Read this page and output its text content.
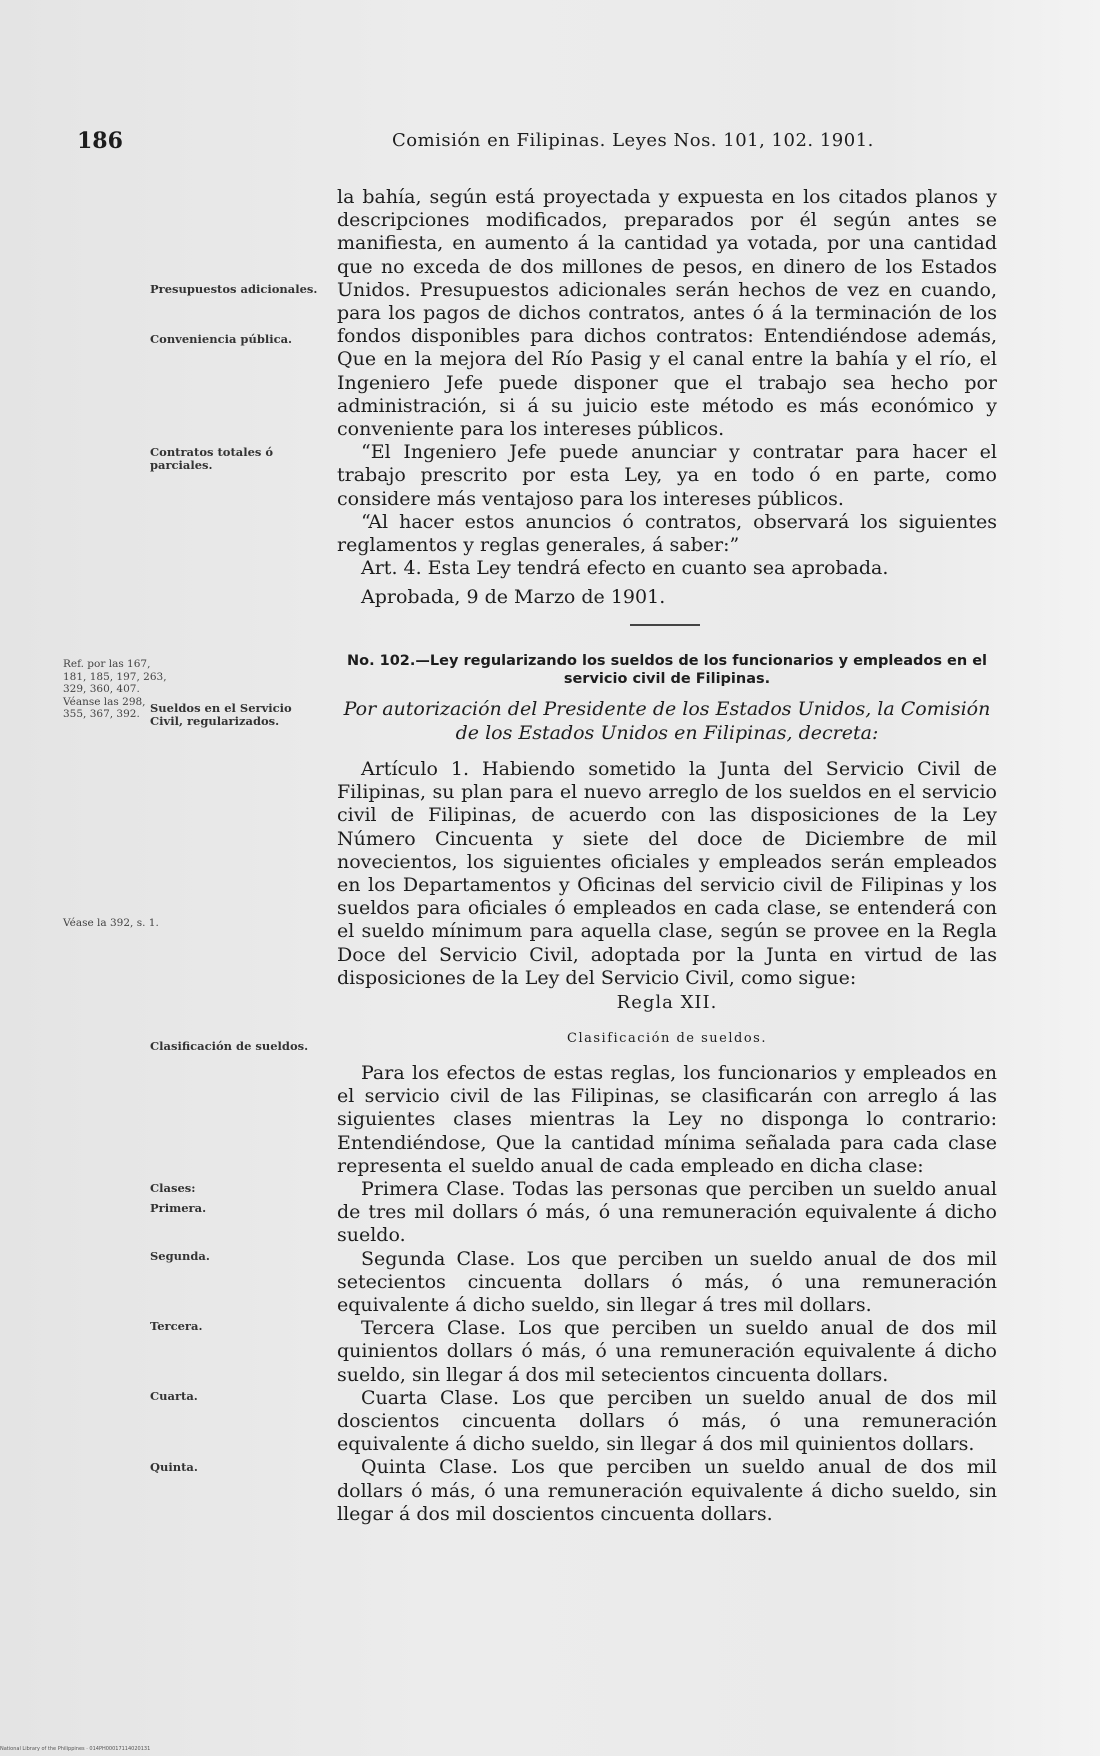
186	Comisión en Filipinas. Leyes Nos. 101, 102. 1901.

la bahía, según está proyectada y expuesta en los citados planos y descripciones modificados, preparados por él según antes se manifiesta, en aumento á la cantidad ya votada, por una cantidad que no exceda de dos millones de pesos, en dinero de los Estados Unidos. Presupuestos adicionales serán hechos de vez en cuando, para los pagos de dichos contratos, antes ó á la terminación de los fondos disponibles para dichos contratos: Entendiéndose además, Que en la mejora del Río Pasig y el canal entre la bahía y el río, el Ingeniero Jefe puede disponer que el trabajo sea hecho por administración, si á su juicio este método es más económico y conveniente para los intereses públicos.

“El Ingeniero Jefe puede anunciar y contratar para hacer el trabajo prescrito por esta Ley, ya en todo ó en parte, como considere más ventajoso para los intereses públicos.

“Al hacer estos anuncios ó contratos, observará los siguientes reglamentos y reglas generales, á saber:”

Art. 4. Esta Ley tendrá efecto en cuanto sea aprobada.

Aprobada, 9 de Marzo de 1901.

Presupuestos adicionales.
Conveniencia pública.
Contratos totales ó parciales.
Sueldos en el Servicio Civil, regularizados.
Clasificación de sueldos.
Clases:
Primera.
Segunda.
Tercera.
Cuarta.
Quinta.
Ref. por las 167, 181, 185, 197, 263, 329, 360, 407. Véanse las 298, 355, 367, 392.
Véase la 392, s. 1.
No. 102.—Ley regularizando los sueldos de los funcionarios y empleados en el servicio civil de Filipinas.
Por autorización del Presidente de los Estados Unidos, la Comisión de los Estados Unidos en Filipinas, decreta:

Artículo 1. Habiendo sometido la Junta del Servicio Civil de Filipinas, su plan para el nuevo arreglo de los sueldos en el servicio civil de Filipinas, de acuerdo con las disposiciones de la Ley Número Cincuenta y siete del doce de Diciembre de mil novecientos, los siguientes oficiales y empleados serán empleados en los Departamentos y Oficinas del servicio civil de Filipinas y los sueldos para oficiales ó empleados en cada clase, se entenderá con el sueldo mínimum para aquella clase, según se provee en la Regla Doce del Servicio Civil, adoptada por la Junta en virtud de las disposiciones de la Ley del Servicio Civil, como sigue:

Regla XII.
Clasificación de sueldos.

Para los efectos de estas reglas, los funcionarios y empleados en el servicio civil de las Filipinas, se clasificarán con arreglo á las siguientes clases mientras la Ley no disponga lo contrario: Entendiéndose, Que la cantidad mínima señalada para cada clase representa el sueldo anual de cada empleado en dicha clase:

Primera Clase. Todas las personas que perciben un sueldo anual de tres mil dollars ó más, ó una remuneración equivalente á dicho sueldo.

Segunda Clase. Los que perciben un sueldo anual de dos mil setecientos cincuenta dollars ó más, ó una remuneración equivalente á dicho sueldo, sin llegar á tres mil dollars.

Tercera Clase. Los que perciben un sueldo anual de dos mil quinientos dollars ó más, ó una remuneración equivalente á dicho sueldo, sin llegar á dos mil setecientos cincuenta dollars.

Cuarta Clase. Los que perciben un sueldo anual de dos mil doscientos cincuenta dollars ó más, ó una remuneración equivalente á dicho sueldo, sin llegar á dos mil quinientos dollars.

Quinta Clase. Los que perciben un sueldo anual de dos mil dollars ó más, ó una remuneración equivalente á dicho sueldo, sin llegar á dos mil doscientos cincuenta dollars.

National Library of the Philippines · 014PH00017114020131
